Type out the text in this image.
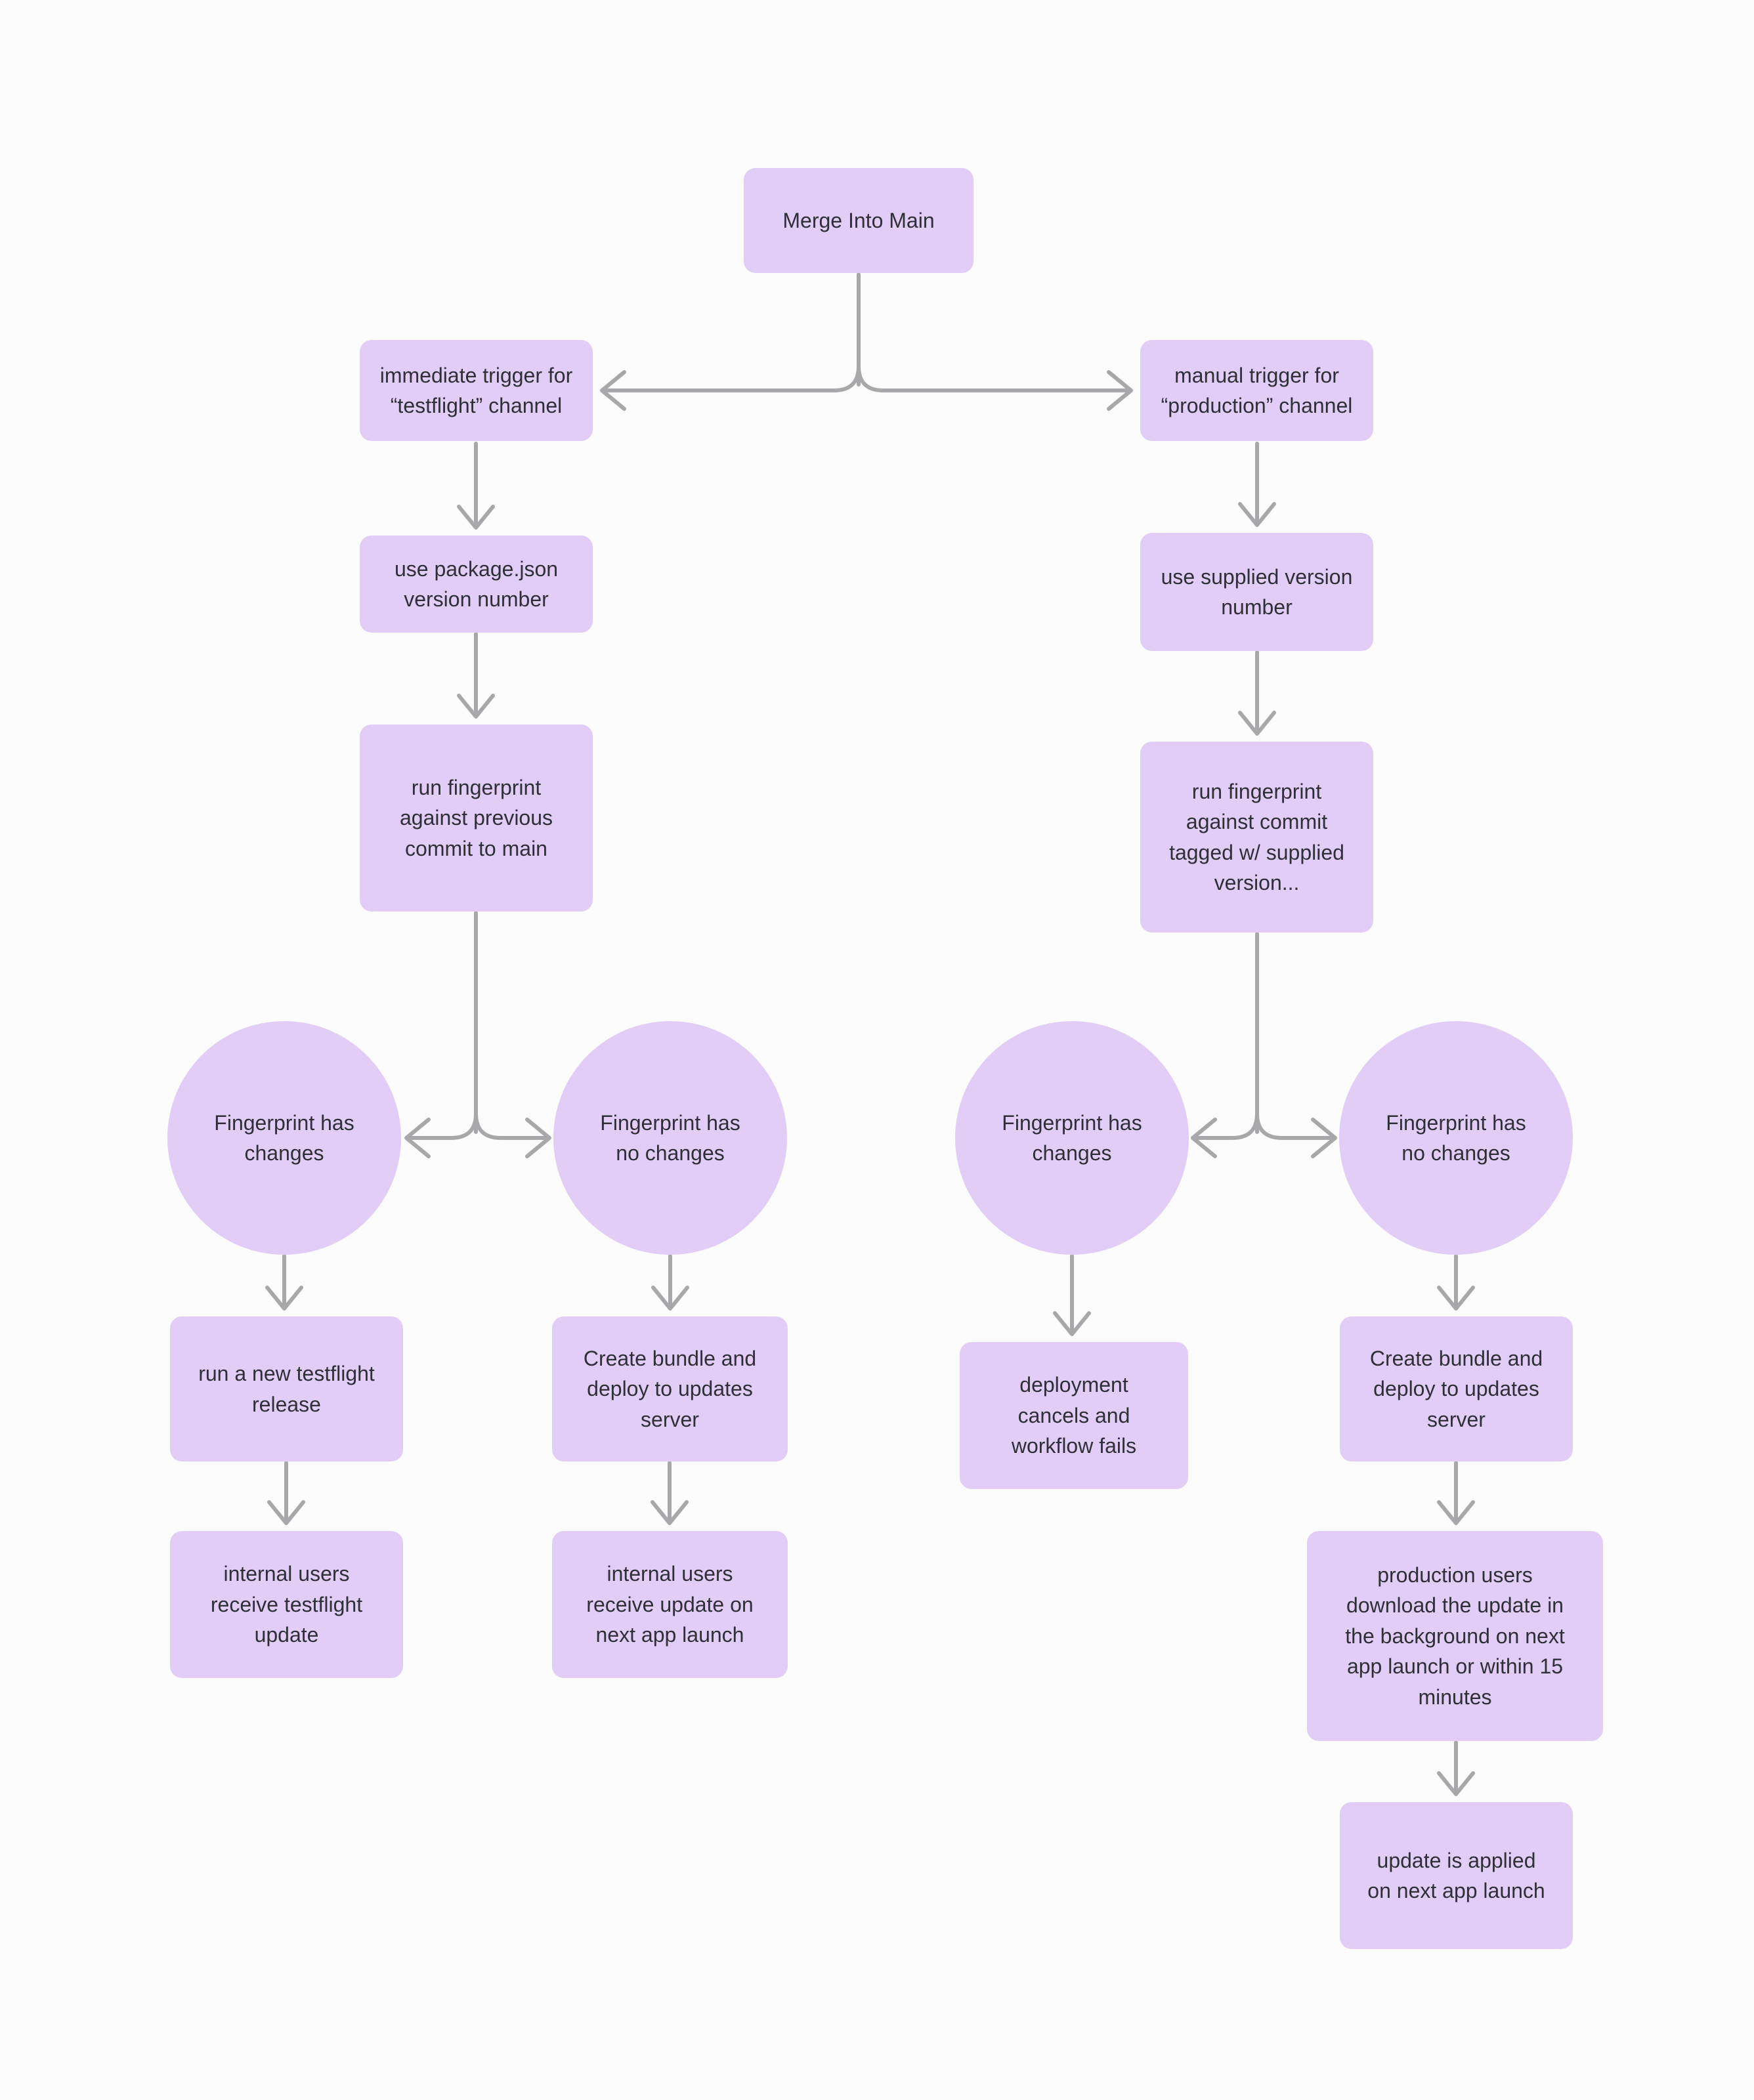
Merge Into Main
immediate trigger for “testflight” channel
manual trigger for “production” channel
use package.json version number
use supplied version number
run fingerprint against previous commit to main
run fingerprint against commit tagged w/ supplied version...
Fingerprint has changes
Fingerprint has no changes
Fingerprint has changes
Fingerprint has no changes
run a new testflight release
Create bundle and deploy to updates server
deployment cancels and workflow fails
Create bundle and deploy to updates server
internal users receive testflight update
internal users receive update on next app launch
production users download the update in the background on next app launch or within 15 minutes
update is applied on next app launch
